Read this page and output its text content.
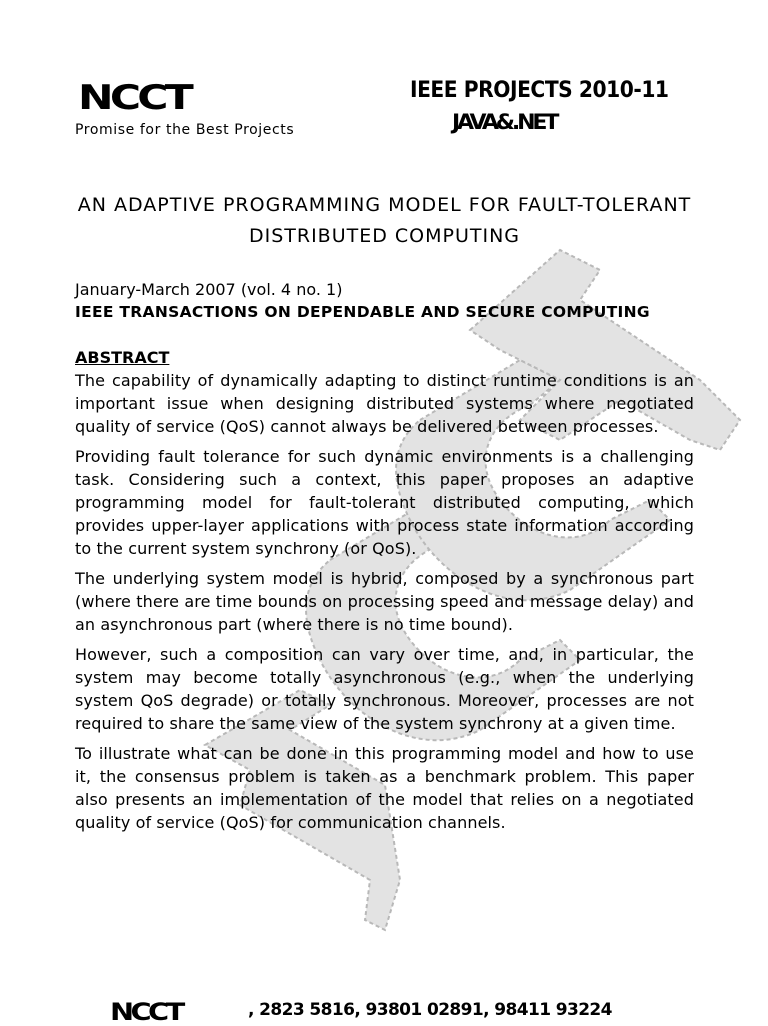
NCCT
Promise for the Best Projects
IEEE PROJECTS 2010-11
JAVA&.NET
AN ADAPTIVE PROGRAMMING MODEL FOR FAULT-TOLERANT DISTRIBUTED COMPUTING
January-March 2007 (vol. 4 no. 1)
IEEE TRANSACTIONS ON DEPENDABLE AND SECURE COMPUTING
ABSTRACT

The capability of dynamically adapting to distinct runtime conditions is an important issue when designing distributed systems where negotiated quality of service (QoS) cannot always be delivered between processes.

Providing fault tolerance for such dynamic environments is a challenging task. Considering such a context, this paper proposes an adaptive programming model for fault-tolerant distributed computing, which provides upper-layer applications with process state information according to the current system synchrony (or QoS).

The underlying system model is hybrid, composed by a synchronous part (where there are time bounds on processing speed and message delay) and an asynchronous part (where there is no time bound).

However, such a composition can vary over time, and, in particular, the system may become totally asynchronous (e.g., when the underlying system QoS degrade) or totally synchronous. Moreover, processes are not required to share the same view of the system synchrony at a given time.

To illustrate what can be done in this programming model and how to use it, the consensus problem is taken as a benchmark problem. This paper also presents an implementation of the model that relies on a negotiated quality of service (QoS) for communication channels.

NCCT	, 2823 5816, 93801 02891, 98411 93224
